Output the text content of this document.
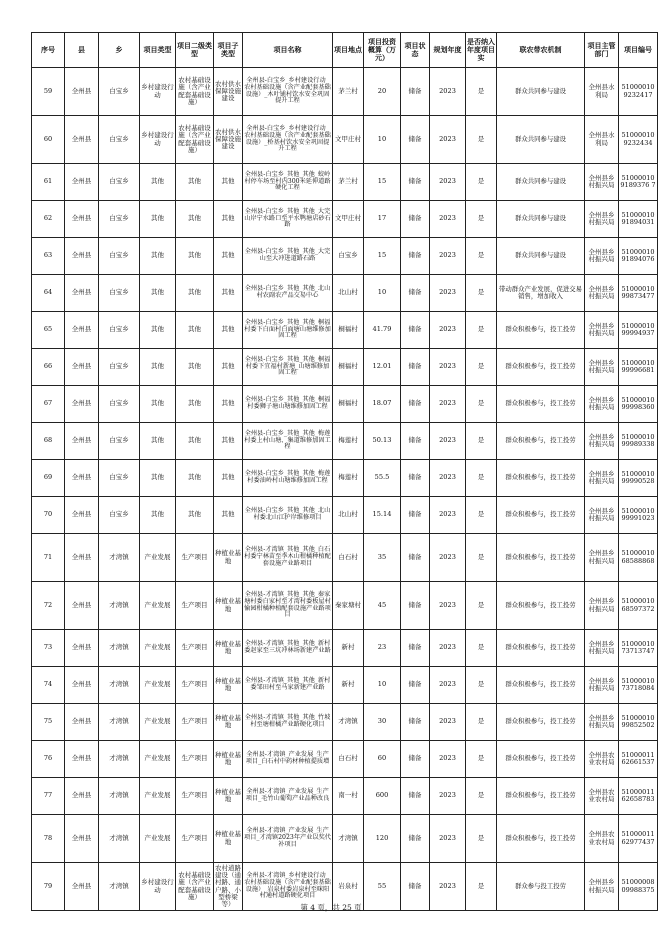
序号	县	乡	项目类型	项目二级类型	项目子类型	项目名称	项目地点	项目投资概算（万元）	项目状态	规划年度	是否纳入年度项目实	联农带农机制	项目主管部门	项目编号
59	全州县	白宝乡	乡村建设行动	农村基础设施（含产业配套基础设施）	农村供水保障设施建设	全州县-白宝乡_乡村建设行动_农村基础设施（含产业配套基础设施）_木叶铺村饮水安全巩固提升工程	茅兰村	20	储备	2023	是	群众共同参与建设	全州县水利局	510000109232417
60	全州县	白宝乡	乡村建设行动	农村基础设施（含产业配套基础设施）	农村供水保障设施建设	全州县-白宝乡_乡村建设行动_农村基础设施（含产业配套基础设施）_桥基村饮水安全巩固提升工程	文甲庄村	10	储备	2023	是	群众共同参与建设	全州县水利局	510000109232434
61	全州县	白宝乡	其他	其他	其他	全州县-白宝乡_其他_其他_蛟岭村停车场至村内300米延伸道路硬化工程	茅兰村	15	储备	2023	是	群众共同参与建设	全州县乡村振兴局	510000109189376 7
62	全州县	白宝乡	其他	其他	其他	全州县-白宝乡_其他_其他_大完山岸宁水路口至平水鸭塘店砂石路	文甲庄村	17	储备	2023	是	群众共同参与建设	全州县乡村振兴局	5100001091894031
63	全州县	白宝乡	其他	其他	其他	全州县-白宝乡_其他_其他_大完山至大冲进道路石路	白宝乡	15	储备	2023	是	群众共同参与建设	全州县乡村振兴局	5100001091894076
64	全州县	白宝乡	其他	其他	其他	全州县-白宝乡_其他_其他_北山村农副农产品交易中心	北山村	10	储备	2023	是	带动群众产业发展，促进交易销售，增加收入	全州县乡村振兴局	5100001099873477
65	全州县	白宝乡	其他	其他	其他	全州县-白宝乡_其他_其他_桐福村委下白面村白面塘山塘维修加固工程	桐福村	41.79	储备	2023	是	群众积极参与，投工投劳	全州县乡村振兴局	5100001099994937
66	全州县	白宝乡	其他	其他	其他	全州县-白宝乡_其他_其他_桐福村委下宜福村新塘_山塘维修加固工程	桐福村	12.01	储备	2023	是	群众积极参与，投工投劳	全州县乡村振兴局	5100001099996681
67	全州县	白宝乡	其他	其他	其他	全州县-白宝乡_其他_其他_桐福村委狮子塘山塘维修加固工程	桐福村	18.07	储备	2023	是	群众积极参与，投工投劳	全州县乡村振兴局	5100001099998360
68	全州县	白宝乡	其他	其他	其他	全州县-白宝乡_其他_其他_梅莲村委上村山塘、集道维修加固工程	梅莲村	50.13	储备	2023	是	群众积极参与，投工投劳	全州县乡村振兴局	5100001099989338
69	全州县	白宝乡	其他	其他	其他	全州县-白宝乡_其他_其他_梅莲村委油岭村山塘维修加固工程	梅莲村	55.5	储备	2023	是	群众积极参与，投工投劳	全州县乡村振兴局	5100001099990528
70	全州县	白宝乡	其他	其他	其他	全州县-白宝乡_其他_其他_北山村委北山江护岸维修项目	北山村	15.14	储备	2023	是	群众积极参与，投工投劳	全州县乡村振兴局	5100001099991023
71	全州县	才湾镇	产业发展	生产项目	种植业基地	全州县-才湾镇_其他_其他_白石村委宁林苗至李木山柑橘种植配套设施产业路项目	白石村	35	储备	2023	是	群众积极参与，投工投劳	全州县乡村振兴局	5100001068588868
72	全州县	才湾镇	产业发展	生产项目	种植业基地	全州县-才湾镇_其他_其他_秦家塘村委白家村至才湾村委板屋村愉园柑橘种植配套设施产业路项目	秦家塘村	45	储备	2023	是	群众积极参与，投工投劳	全州县乡村振兴局	5100001068597372
73	全州县	才湾镇	产业发展	生产项目	种植业基地	全州县-才湾镇_其他_其他_新村委赵家至三坑冲林场新建产业路	新村	23	储备	2023	是	群众积极参与，投工投劳	全州县乡村振兴局	5100001073713747
74	全州县	才湾镇	产业发展	生产项目	种植业基地	全州县-才湾镇_其他_其他_新村委邹田村至马家新建产业路	新村	10	储备	2023	是	群众积极参与，投工投劳	全州县乡村振兴局	5100001073718084
75	全州县	才湾镇	产业发展	生产项目	种植业基地	全州县-才湾镇_其他_其他_竹坡村至塘柑橘产业路硬化项目	才湾镇	30	储备	2023	是	群众积极参与，投工投劳	全州县乡村振兴局	5100001099852502
76	全州县	才湾镇	产业发展	生产项目	种植业基地	全州县-才湾镇_产业发展_生产项目_白石村中药材种植提质增	白石村	60	储备	2023	是	群众积极参与，投工投劳	全州县农业农村局	5100001162661537
77	全州县	才湾镇	产业发展	生产项目	种植业基地	全州县-才湾镇_产业发展_生产项目_毛竹山葡萄产业品种改良	南一村	600	储备	2023	是	群众积极参与，投工投劳	全州县农业农村局	5100001162658783
78	全州县	才湾镇	产业发展	生产项目	种植业基地	全州县-才湾镇_产业发展_生产项目_才湾镇2023年产业以奖代补项目	才湾镇	120	储备	2023	是	群众积极参与，投工投劳	全州县农业农村局	5100001162977437
79	全州县	才湾镇	乡村建设行动	农村基础设施（含产业配套基础设施）	农村道路建设（通村路、通户路、小型桥梁等）	全州县-才湾镇_乡村建设行动_农村基础设施（含产业配套基础设施）_岩泉村委岩泉村至咪阳村通村道路硬化项目	岩泉村	55	储备	2023	是	群众参与投工投劳	全州县乡村振兴局	5100000809988375
第 4 页，共 25 页
